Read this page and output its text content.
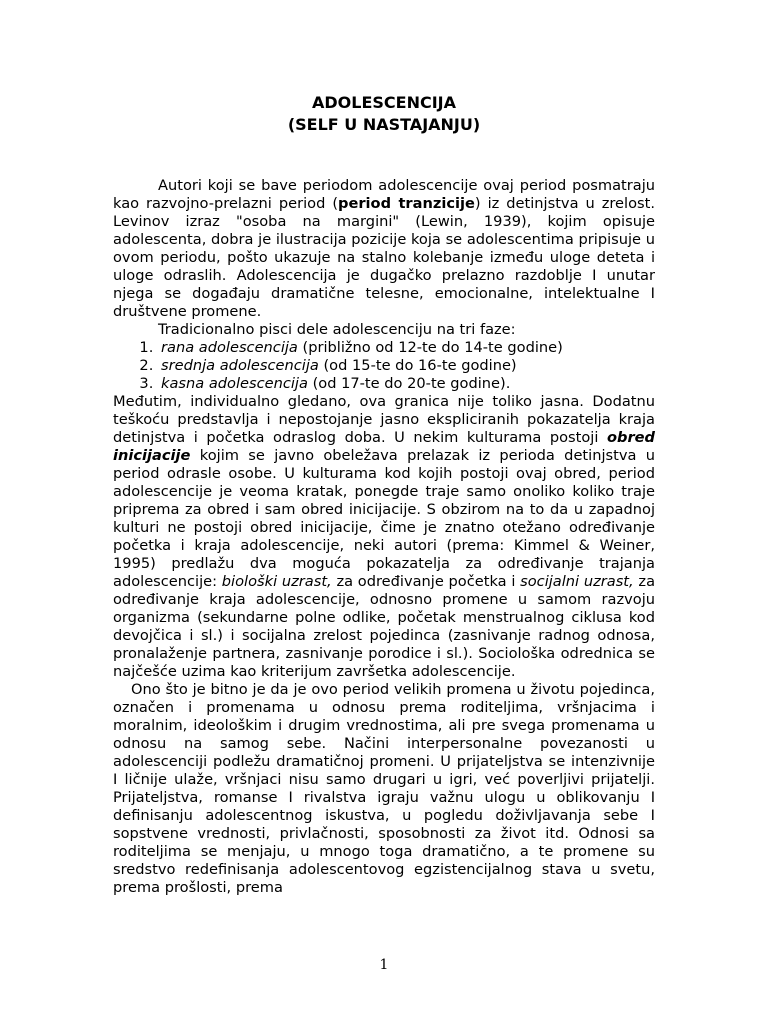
ADOLESCENCIJA
(SELF U NASTAJANJU)

Autori koji se bave periodom adolescencije ovaj period posmatraju kao razvojno-prelazni period (period tranzicije) iz detinjstva u zrelost. Levinov izraz "osoba na margini" (Lewin, 1939), kojim opisuje adolescenta, dobra je ilustracija pozicije koja se adolescentima pripisuje u ovom periodu, pošto ukazuje na stalno kolebanje između uloge deteta i uloge odraslih. Adolescencija je dugačko prelazno razdoblje I unutar njega se događaju dramatične telesne, emocionalne, intelektualne I društvene promene.

Tradicionalno pisci dele adolescenciju na tri faze:

1. rana adolescencija (približno od 12-te do 14-te godine)
2. srednja adolescencija (od 15-te do 16-te godine)
3. kasna adolescencija (od 17-te do 20-te godine).

Međutim, individualno gledano, ova granica nije toliko jasna. Dodatnu teškoću predstavlja i nepostojanje jasno ekspliciranih pokazatelja kraja detinjstva i početka odraslog doba. U nekim kulturama postoji obred inicijacije kojim se javno obeležava prelazak iz perioda detinjstva u period odrasle osobe. U kulturama kod kojih postoji ovaj obred, period adolescencije je veoma kratak, ponegde traje samo onoliko koliko traje priprema za obred i sam obred inicijacije. S obzirom na to da u zapadnoj kulturi ne postoji obred inicijacije, čime je znatno otežano određivanje početka i kraja adolescencije, neki autori (prema: Kimmel & Weiner, 1995) predlažu dva moguća pokazatelja za određivanje trajanja adolescencije: biološki uzrast, za određivanje početka i socijalni uzrast, za određivanje kraja adolescencije, odnosno promene u samom razvoju organizma (sekundarne polne odlike, početak menstrualnog ciklusa kod devojčica i sl.) i socijalna zrelost pojedinca (zasnivanje radnog odnosa, pronalaženje partnera, zasnivanje porodice i sl.). Sociološka odrednica se najčešće uzima kao kriterijum završetka adolescencije.

Ono što je bitno je da je ovo period velikih promena u životu pojedinca, označen i promenama u odnosu prema roditeljima, vršnjacima i moralnim, ideološkim i drugim vrednostima, ali pre svega promenama u odnosu na samog sebe. Načini interpersonalne povezanosti u adolescenciji podležu dramatičnoj promeni. U prijateljstva se intenzivnije I ličnije ulaže, vršnjaci nisu samo drugari u igri, već poverljivi prijatelji. Prijateljstva, romanse I rivalstva igraju važnu ulogu u oblikovanju I definisanju adolescentnog iskustva, u pogledu doživljavanja sebe I sopstvene vrednosti, privlačnosti, sposobnosti za život itd. Odnosi sa roditeljima se menjaju, u mnogo toga dramatično, a te promene su sredstvo redefinisanja adolescentovog egzistencijalnog stava u svetu, prema prošlosti, prema

1
